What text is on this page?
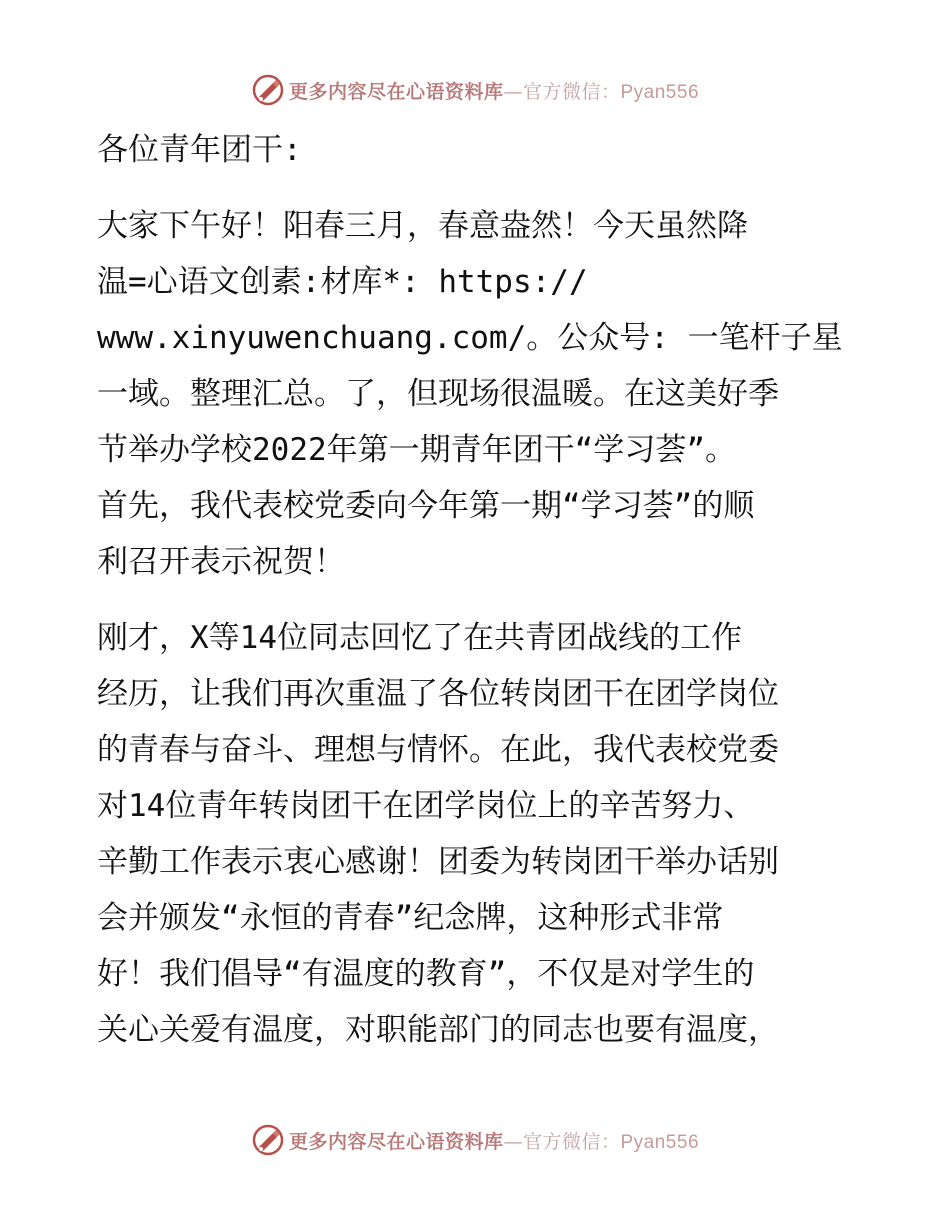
更多内容尽在心语资料库—官方微信：Pyan556

各位青年团干:

大家下午好！阳春三月，春意盎然！今天虽然降
温=心语文创素:材库*: https://
www.xinyuwenchuang.com/。公众号: 一笔杆子星
一域。整理汇总。了，但现场很温暖。在这美好季
节举办学校2022年第一期青年团干“学习荟”。
首先，我代表校党委向今年第一期“学习荟”的顺
利召开表示祝贺！

刚才，X等14位同志回忆了在共青团战线的工作
经历，让我们再次重温了各位转岗团干在团学岗位
的青春与奋斗、理想与情怀。在此，我代表校党委
对14位青年转岗团干在团学岗位上的辛苦努力、
辛勤工作表示衷心感谢！团委为转岗团干举办话别
会并颁发“永恒的青春”纪念牌，这种形式非常
好！我们倡导“有温度的教育”，不仅是对学生的
关心关爱有温度，对职能部门的同志也要有温度，

更多内容尽在心语资料库—官方微信：Pyan556
